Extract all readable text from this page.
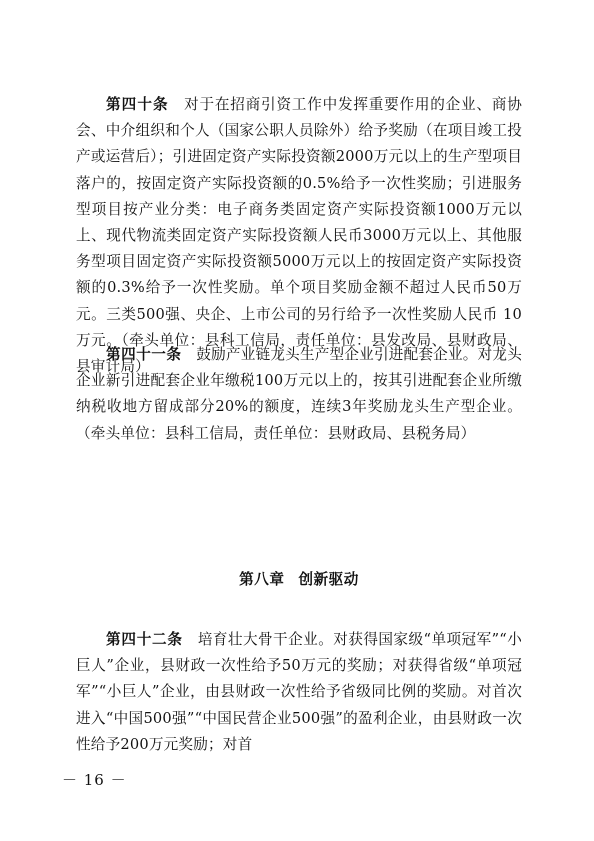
第四十条　 对于在招商引资工作中发挥重要作用的企业、商协会、中介组织和个人（国家公职人员除外）给予奖励（在项目竣工投产或运营后）；引进固定资产实际投资额2000万元以上的生产型项目落户的，按固定资产实际投资额的0.5%给予一次性奖励；引进服务型项目按产业分类：电子商务类固定资产实际投资额1000万元以上、现代物流类固定资产实际投资额人民币3000万元以上、其他服务型项目固定资产实际投资额5000万元以上的按固定资产实际投资额的0.3%给予一次性奖励。单个项目奖励金额不超过人民币50万元。三类500强、央企、上市公司的另行给予一次性奖励人民币 10 万元。（牵头单位：县科工信局，责任单位：县发改局、县财政局、县审计局）

第四十一条　 鼓励产业链龙头生产型企业引进配套企业。对龙头企业新引进配套企业年缴税100万元以上的，按其引进配套企业所缴纳税收地方留成部分20%的额度，连续3年奖励龙头生产型企业。（牵头单位：县科工信局，责任单位：县财政局、县税务局）

第八章 创新驱动

第四十二条　 培育壮大骨干企业。对获得国家级“单项冠军”“小巨人”企业，县财政一次性给予50万元的奖励；对获得省级“单项冠军”“小巨人”企业，由县财政一次性给予省级同比例的奖励。对首次进入“中国500强”“中国民营企业500强”的盈利企业，由县财政一次性给予200万元奖励；对首

－ 16 －
